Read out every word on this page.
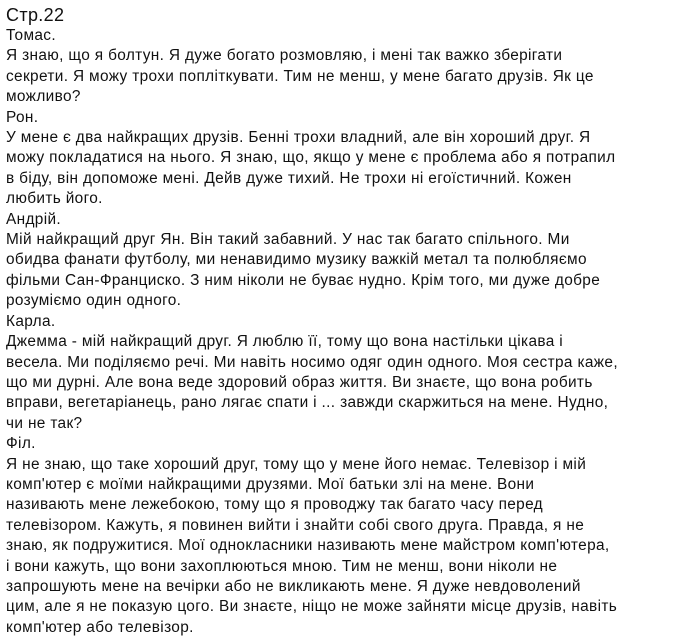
Стр.22
Томас.
Я знаю, що я болтун. Я дуже богато розмовляю, і мені так важко зберігати
секрети. Я можу трохи попліткувати. Тим не менш, у мене багато друзів. Як це
можливо?
Рон.
У мене є два найкращих друзів. Бенні трохи владний, але він хороший друг. Я
можу покладатися на нього. Я знаю, що, якщо у мене є проблема або я потрапил
в біду, він допоможе мені. Дейв дуже тихий. Не трохи ні егоїстичний. Кожен
любить його.
Андрій.
Мій найкращий друг Ян. Він такий забавний. У нас так багато спільного. Ми
обидва фанати футболу, ми ненавидимо музику важкій метал та полюбляємо
фільми Сан-Франциско. З ним ніколи не буває нудно. Крім того, ми дуже добре
розуміємо один одного.
Карла.
Джемма - мій найкращий друг. Я люблю її, тому що вона настільки цікава і
весела. Ми поділяємо речі. Ми навіть носимо одяг один одного. Моя сестра каже,
що ми дурні. Але вона веде здоровий образ життя. Ви знаєте, що вона робить
вправи, вегетаріанець, рано лягає спати і ... завжди скаржиться на мене. Нудно,
чи не так?
Філ.
Я не знаю, що таке хороший друг, тому що у мене його немає. Телевізор і мій
комп'ютер є моїми найкращими друзями. Мої батьки злі на мене. Вони
називають мене лежебокою, тому що я проводжу так багато часу перед
телевізором. Кажуть, я повинен вийти і знайти собі свого друга. Правда, я не
знаю, як подружитися. Мої однокласники називають мене майстром комп'ютера,
і вони кажуть, що вони захоплюються мною. Тим не менш, вони ніколи не
запрошують мене на вечірки або не викликають мене. Я дуже невдоволений
цим, але я не показую цого. Ви знаєте, ніщо не може зайняти місце друзів, навіть
комп'ютер або телевізор.
